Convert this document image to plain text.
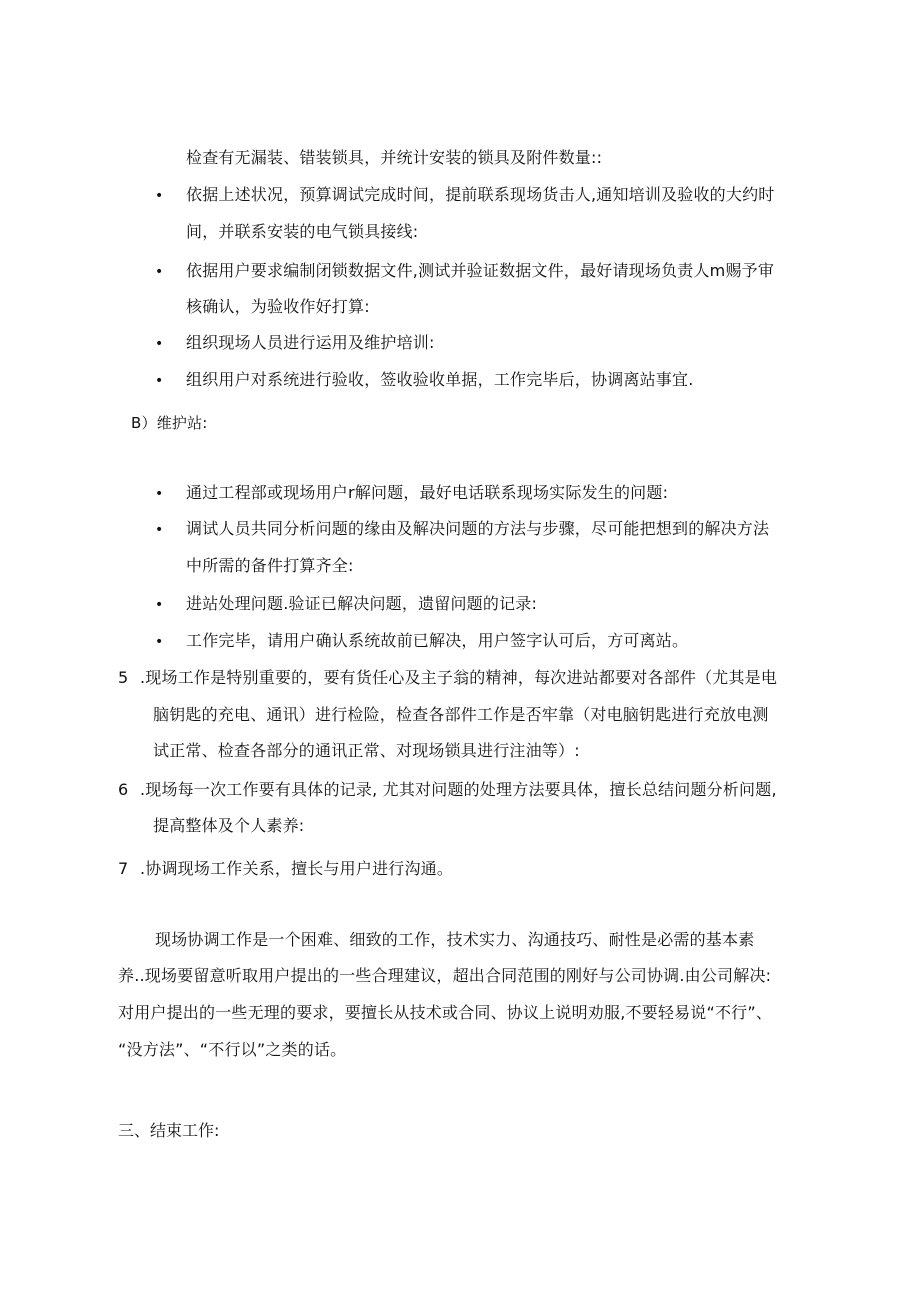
检查有无漏装、错装锁具，并统计安装的锁具及附件数量::
• 依据上述状况，预算调试完成时间，提前联系现场货击人,通知培训及验收的大约时
间，并联系安装的电气锁具接线:
• 依据用户要求编制闭锁数据文件,测试并验证数据文件，最好请现场负责人m赐予审
核确认，为验收作好打算:
• 组织现场人员进行运用及维护培训:
• 组织用户对系统进行验收，签收验收单据，工作完毕后，协调离站事宜.
B）维护站:
• 通过工程部或现场用户r解问题，最好电话联系现场实际发生的问题:
• 调试人员共同分析问题的缘由及解决问题的方法与步骤，尽可能把想到的解决方法
中所需的备件打算齐全:
• 进站处理问题.验证已解决问题，遗留问题的记录:
• 工作完毕，请用户确认系统故前已解决，用户签字认可后，方可离站。
5 .现场工作是特别重要的，要有货任心及主子翁的精神，每次进站都要对各部件（尤其是电
脑钥匙的充电、通讯）进行检险，检查各部件工作是否牢靠（对电脑钥匙进行充放电测
试正常、检查各部分的通讯正常、对现场锁具进行注油等）:
6 .现场每一次工作要有具体的记录, 尤其对问题的处理方法要具体，擅长总结问题分析问题,
提高整体及个人素养:
7 .协调现场工作关系，擅长与用户进行沟通。
现场协调工作是一个困难、细致的工作，技术实力、沟通技巧、耐性是必需的基本素
养..现场要留意听取用户提出的一些合理建议，超出合同范围的刚好与公司协调.由公司解决:
对用户提出的一些无理的要求，要擅长从技术或合同、协议上说明劝服,不要轻易说“不行”、
“没方法”、“不行以”之类的话。
三、结束工作:
